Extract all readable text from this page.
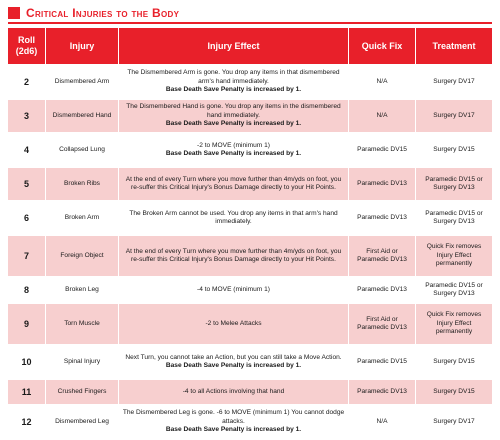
Critical Injuries to the Body
Roll (2d6)	Injury	Injury Effect	Quick Fix	Treatment
2	Dismembered Arm	The Dismembered Arm is gone. You drop any items in that dismembered arm's hand immediately.
Base Death Save Penalty is increased by 1.	N/A	Surgery DV17
3	Dismembered Hand	The Dismembered Hand is gone. You drop any items in the dismembered hand immediately.
Base Death Save Penalty is increased by 1.	N/A	Surgery DV17
4	Collapsed Lung	-2 to MOVE (minimum 1)
Base Death Save Penalty is increased by 1.	Paramedic DV15	Surgery DV15
5	Broken Ribs	At the end of every Turn where you move further than 4m/yds on foot, you re-suffer this Critical Injury's Bonus Damage directly to your Hit Points.	Paramedic DV13	Paramedic DV15 or Surgery DV13
6	Broken Arm	The Broken Arm cannot be used. You drop any items in that arm's hand immediately.	Paramedic DV13	Paramedic DV15 or Surgery DV13
7	Foreign Object	At the end of every Turn where you move further than 4m/yds on foot, you re-suffer this Critical Injury's Bonus Damage directly to your Hit Points.	First Aid or Paramedic DV13	Quick Fix removes Injury Effect permanently
8	Broken Leg	-4 to MOVE (minimum 1)	Paramedic DV13	Paramedic DV15 or Surgery DV13
9	Torn Muscle	-2 to Melee Attacks	First Aid or Paramedic DV13	Quick Fix removes Injury Effect permanently
10	Spinal Injury	Next Turn, you cannot take an Action, but you can still take a Move Action.
Base Death Save Penalty is increased by 1.	Paramedic DV15	Surgery DV15
11	Crushed Fingers	-4 to all Actions involving that hand	Paramedic DV13	Surgery DV15
12	Dismembered Leg	The Dismembered Leg is gone. -6 to MOVE (minimum 1) You cannot dodge attacks.
Base Death Save Penalty is increased by 1.	N/A	Surgery DV17
